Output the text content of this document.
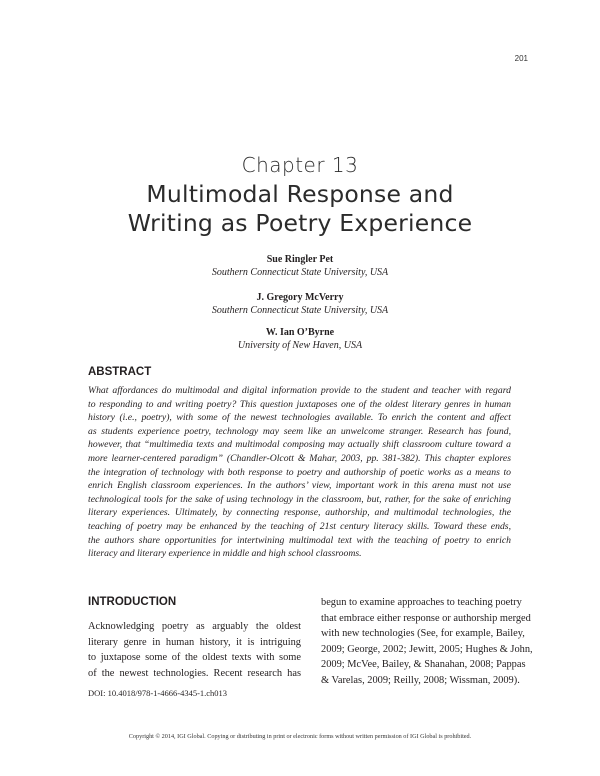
201
Chapter 13
Multimodal Response and
Writing as Poetry Experience
Sue Ringler Pet
Southern Connecticut State University, USA
J. Gregory McVerry
Southern Connecticut State University, USA
W. Ian O’Byrne
University of New Haven, USA
ABSTRACT
What affordances do multimodal and digital information provide to the student and teacher with regard
to responding to and writing poetry? This question juxtaposes one of the oldest literary genres in human
history (i.e., poetry), with some of the newest technologies available. To enrich the content and affect
as students experience poetry, technology may seem like an unwelcome stranger. Research has found,
however, that “multimedia texts and multimodal composing may actually shift classroom culture toward a
more learner-centered paradigm” (Chandler-Olcott & Mahar, 2003, pp. 381-382). This chapter explores
the integration of technology with both response to poetry and authorship of poetic works as a means to
enrich English classroom experiences. In the authors’ view, important work in this arena must not use
technological tools for the sake of using technology in the classroom, but, rather, for the sake of enriching
literary experiences. Ultimately, by connecting response, authorship, and multimodal technologies, the
teaching of poetry may be enhanced by the teaching of 21st century literacy skills. Toward these ends,
the authors share opportunities for intertwining multimodal text with the teaching of poetry to enrich
literacy and literary experience in middle and high school classrooms.
INTRODUCTION
Acknowledging poetry as arguably the oldest
literary genre in human history, it is intriguing
to juxtapose some of the oldest texts with some
of the newest technologies. Recent research has
begun to examine approaches to teaching poetry
that embrace either response or authorship merged
with new technologies (See, for example, Bailey,
2009; George, 2002; Jewitt, 2005; Hughes & John,
2009; McVee, Bailey, & Shanahan, 2008; Pappas
& Varelas, 2009; Reilly, 2008; Wissman, 2009).
DOI: 10.4018/978-1-4666-4345-1.ch013
Copyright © 2014, IGI Global. Copying or distributing in print or electronic forms without written permission of IGI Global is prohibited.
